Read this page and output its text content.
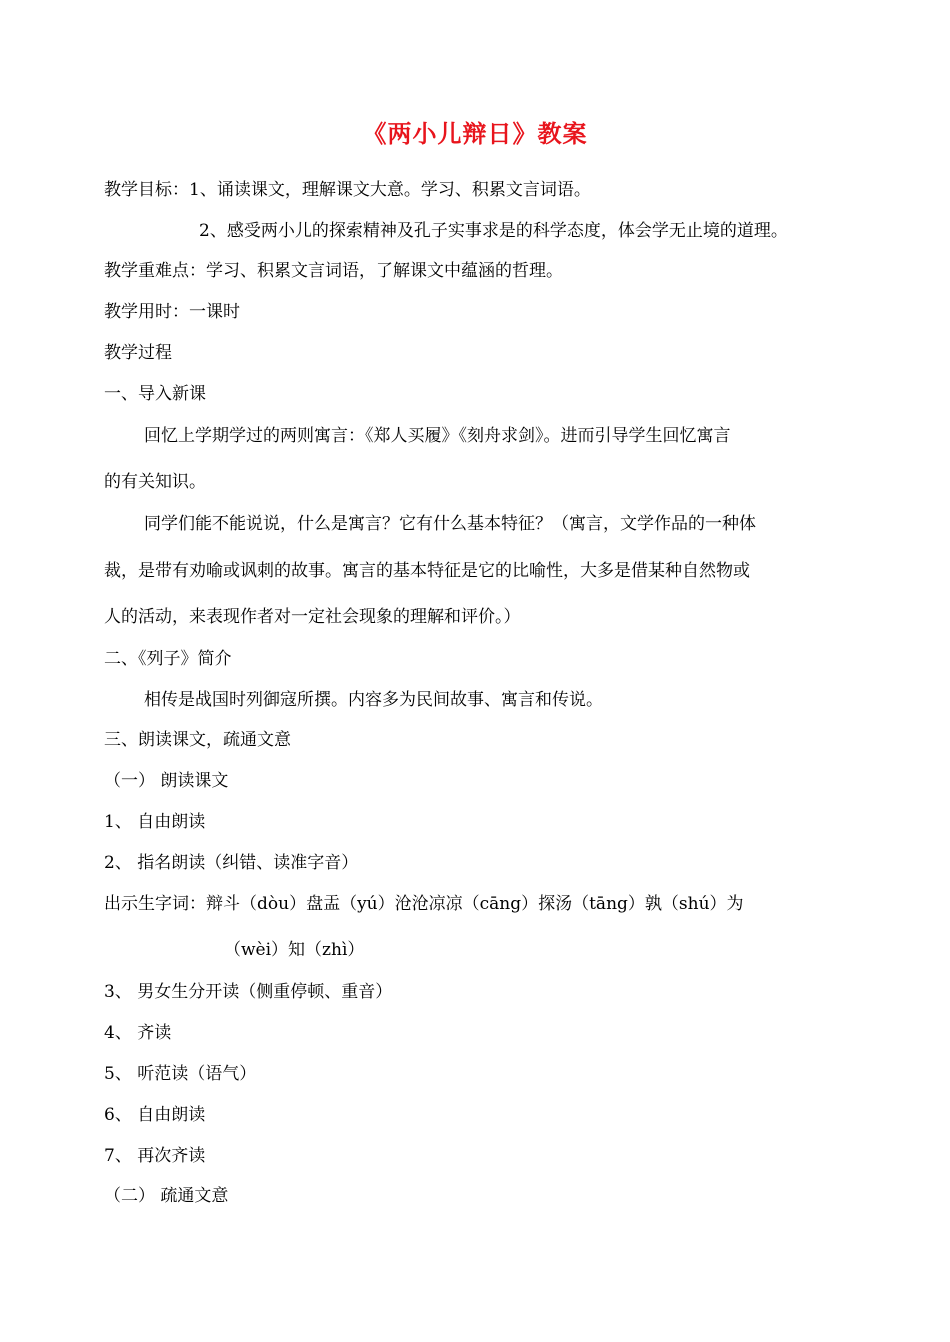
《两小儿辩日》教案
教学目标：1、诵读课文，理解课文大意。学习、积累文言词语。
2、感受两小儿的探索精神及孔子实事求是的科学态度，体会学无止境的道理。
教学重难点：学习、积累文言词语，了解课文中蕴涵的哲理。
教学用时：一课时
教学过程
一、导入新课
回忆上学期学过的两则寓言：《郑人买履》《刻舟求剑》。进而引导学生回忆寓言
的有关知识。
同学们能不能说说，什么是寓言？它有什么基本特征？（寓言，文学作品的一种体
裁，是带有劝喻或讽刺的故事。寓言的基本特征是它的比喻性，大多是借某种自然物或
人的活动，来表现作者对一定社会现象的理解和评价。）
二、《列子》简介
相传是战国时列御寇所撰。内容多为民间故事、寓言和传说。
三、朗读课文，疏通文意
（一） 朗读课文
1、 自由朗读
2、 指名朗读（纠错、读准字音）
出示生字词：辩斗（dòu）盘盂（yú）沧沧凉凉（cāng）探汤（tāng）孰（shú）为
（wèi）知（zhì）
3、 男女生分开读（侧重停顿、重音）
4、 齐读
5、 听范读（语气）
6、 自由朗读
7、 再次齐读
（二） 疏通文意
